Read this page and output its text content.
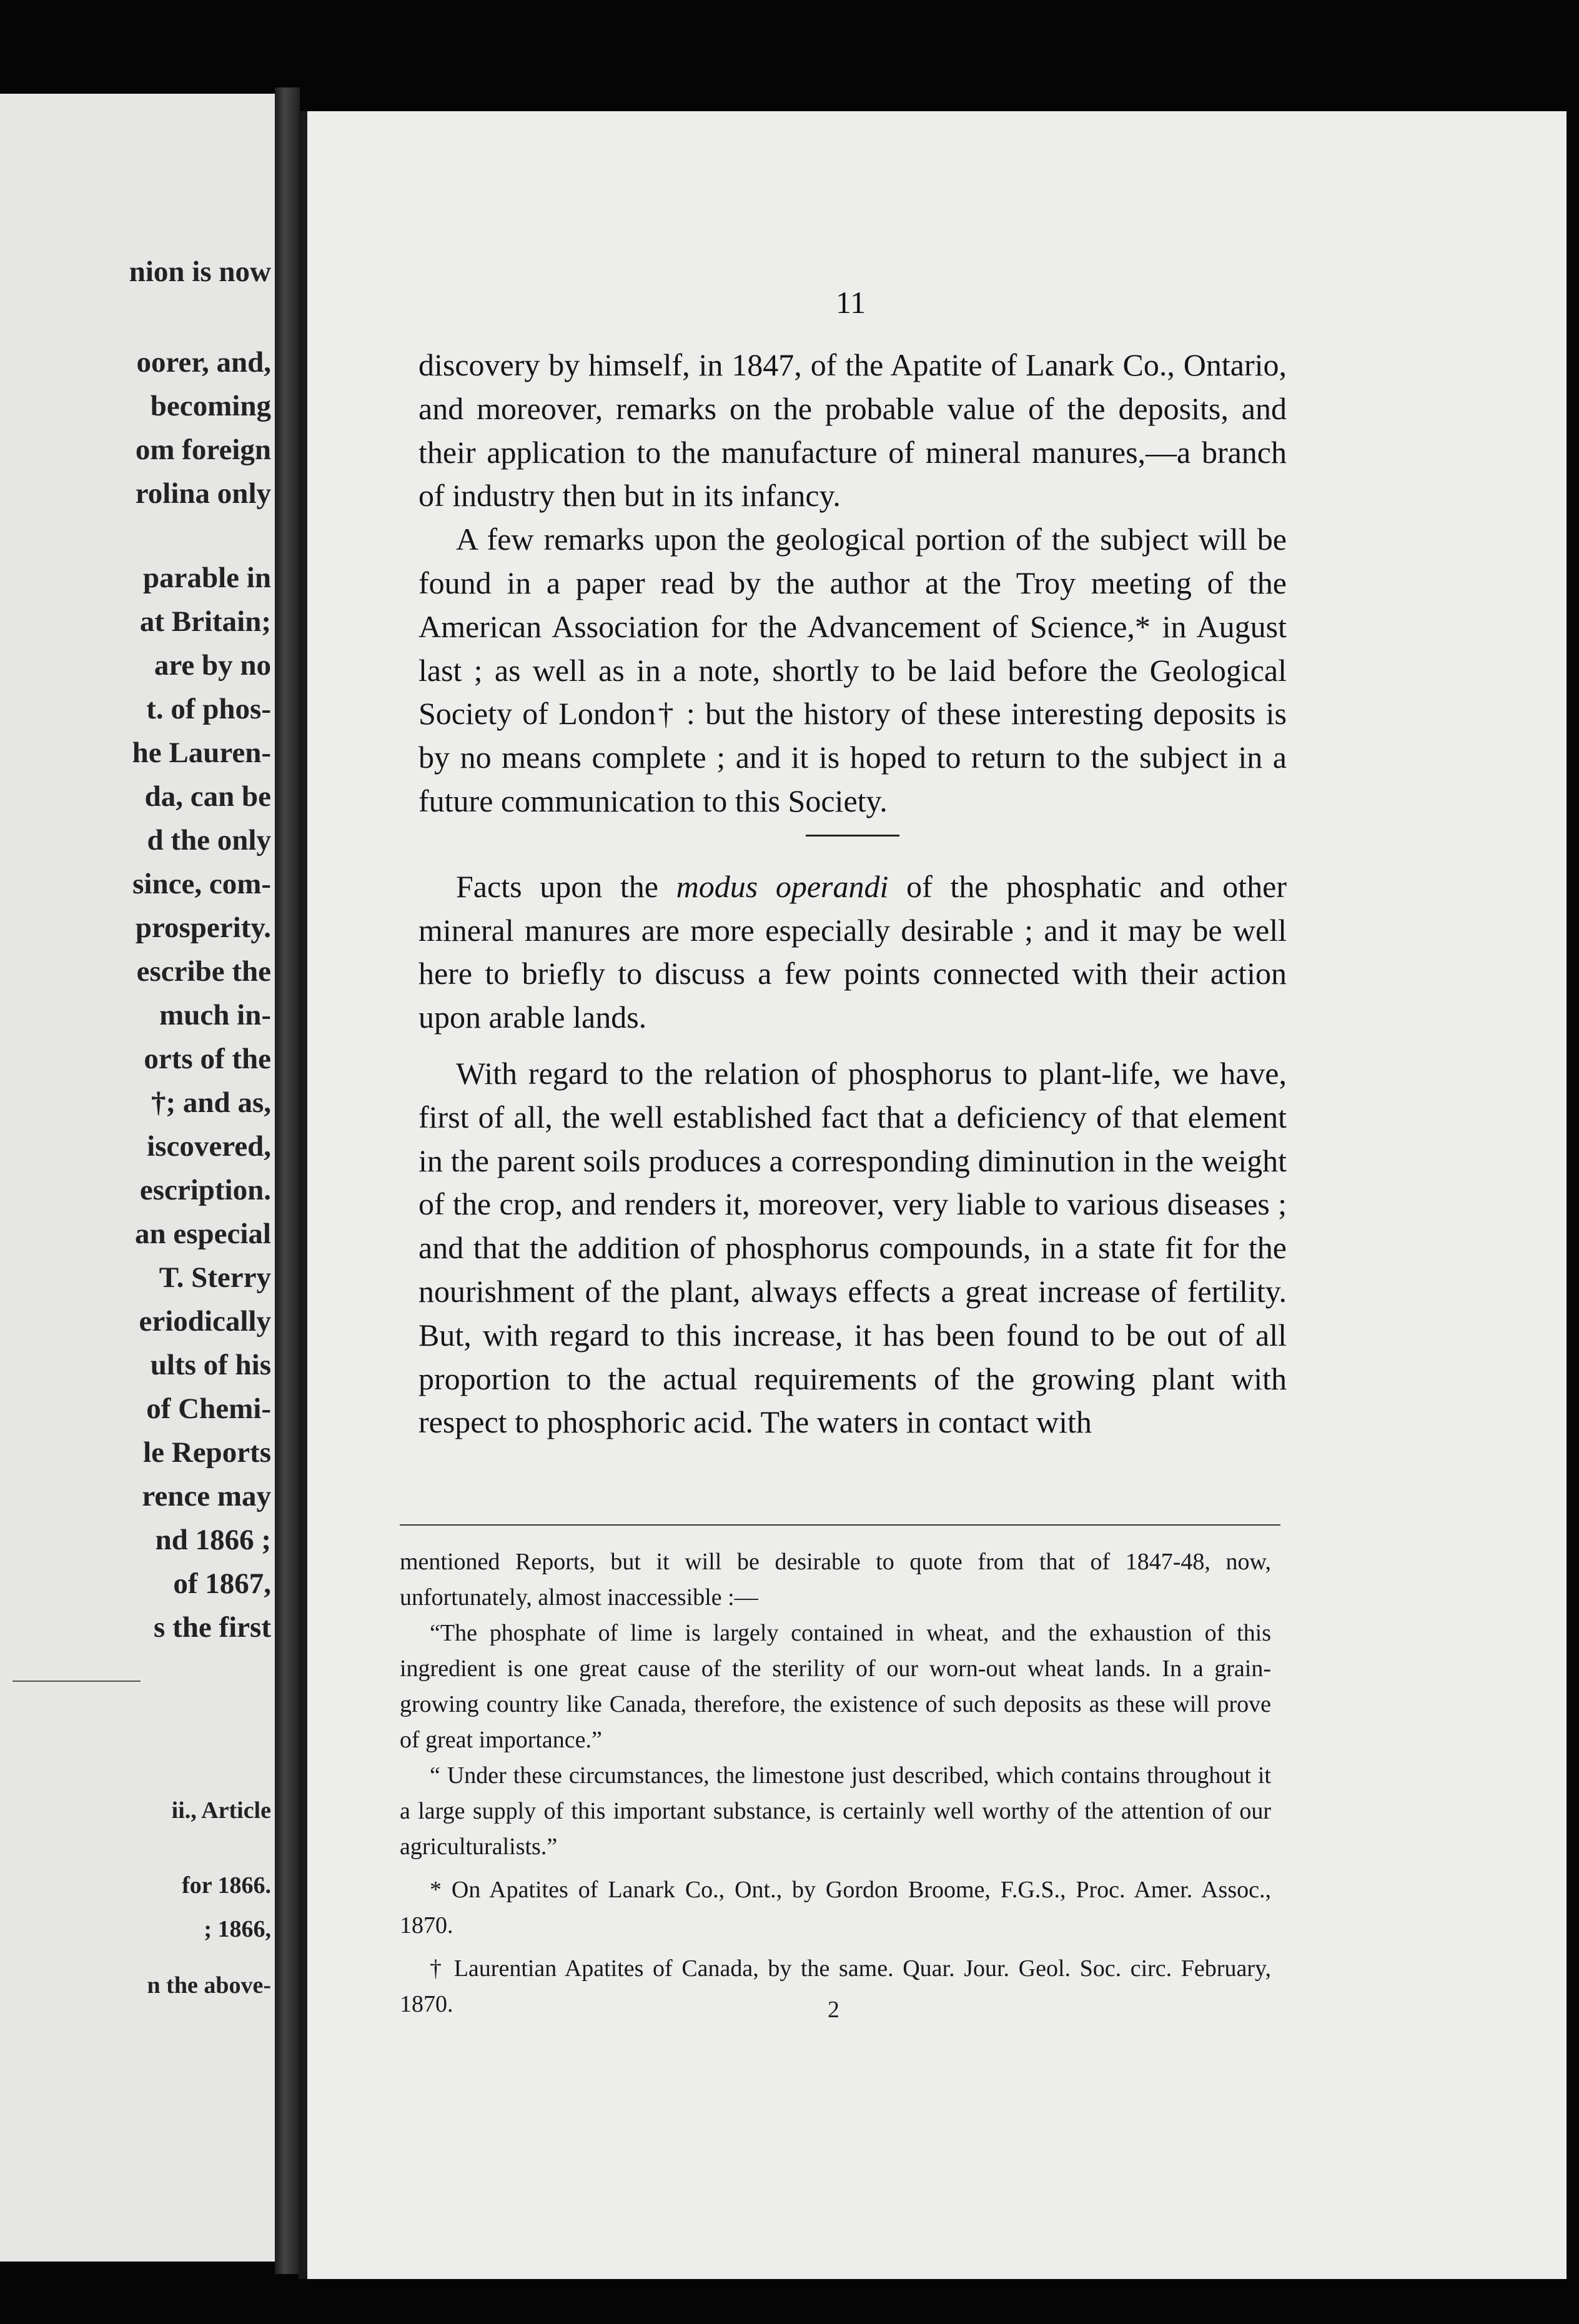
nion is now
oorer, and,
becoming
om foreign
rolina only
parable in
at Britain;
are by no
t. of phos-
he Lauren-
da, can be
d the only
since, com-
prosperity.
escribe the
much in-
orts of the
†; and as,
iscovered,
escription.
an especial
T. Sterry
eriodically
ults of his
of Chemi-
le Reports
rence may
nd 1866 ;
of 1867,
s the first
ii., Article
for 1866.
; 1866,
n the above-
11

discovery by himself, in 1847, of the Apatite of Lanark Co., Ontario, and moreover, remarks on the probable value of the deposits, and their application to the manufacture of mineral manures,—a branch of industry then but in its infancy.

A few remarks upon the geological portion of the subject will be found in a paper read by the author at the Troy meeting of the American Association for the Advancement of Science,* in August last ; as well as in a note, shortly to be laid before the Geological Society of London† : but the history of these interesting deposits is by no means complete ; and it is hoped to return to the subject in a future communication to this Society.

Facts upon the modus operandi of the phosphatic and other mineral manures are more especially desirable ; and it may be well here to briefly to discuss a few points connected with their action upon arable lands.

With regard to the relation of phosphorus to plant-life, we have, first of all, the well established fact that a deficiency of that element in the parent soils produces a corresponding diminution in the weight of the crop, and renders it, moreover, very liable to various diseases ; and that the addition of phosphorus compounds, in a state fit for the nourishment of the plant, always effects a great increase of fertility. But, with regard to this increase, it has been found to be out of all proportion to the actual requirements of the growing plant with respect to phosphoric acid. The waters in contact with

mentioned Reports, but it will be desirable to quote from that of 1847-48, now, unfortunately, almost inaccessible :—

“The phosphate of lime is largely contained in wheat, and the exhaustion of this ingredient is one great cause of the sterility of our worn-out wheat lands. In a grain-growing country like Canada, therefore, the existence of such deposits as these will prove of great importance.”

“ Under these circumstances, the limestone just described, which contains throughout it a large supply of this important substance, is certainly well worthy of the attention of our agriculturalists.”

* On Apatites of Lanark Co., Ont., by Gordon Broome, F.G.S., Proc. Amer. Assoc., 1870.

† Laurentian Apatites of Canada, by the same. Quar. Jour. Geol. Soc. circ. February, 1870.	2
